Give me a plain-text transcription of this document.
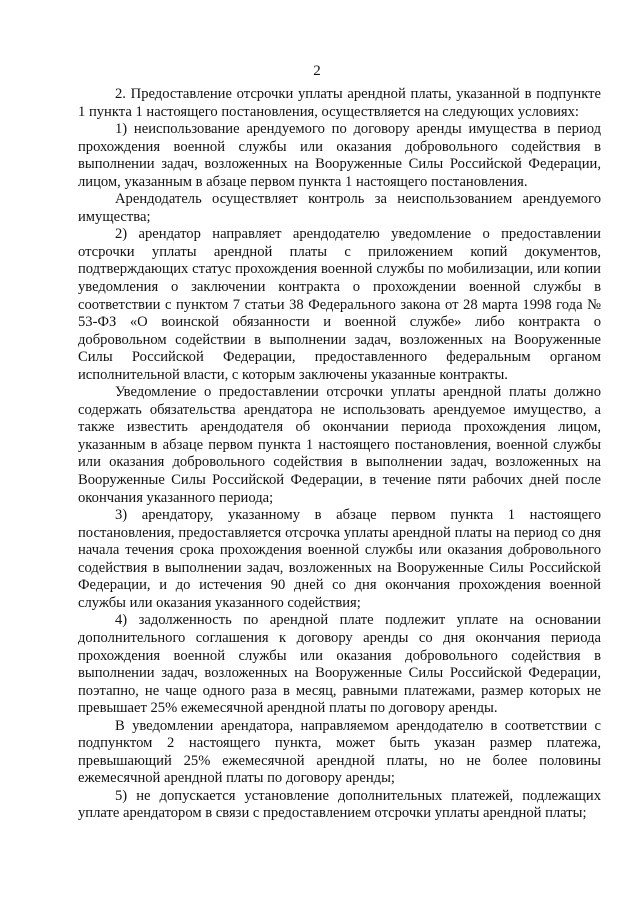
2

2. Предоставление отсрочки уплаты арендной платы, указанной в подпункте 1 пункта 1 настоящего постановления, осуществляется на следующих условиях:

1) неиспользование арендуемого по договору аренды имущества в период прохождения военной службы или оказания добровольного содействия в выполнении задач, возложенных на Вооруженные Силы Российской Федерации, лицом, указанным в абзаце первом пункта 1 настоящего постановления.

Арендодатель осуществляет контроль за неиспользованием арендуемого имущества;

2) арендатор направляет арендодателю уведомление о предоставлении отсрочки уплаты арендной платы с приложением копий документов, подтверждающих статус прохождения военной службы по мобилизации, или копии уведомления о заключении контракта о прохождении военной службы в соответствии с пунктом 7 статьи 38 Федерального закона от 28 марта 1998 года № 53-ФЗ «О воинской обязанности и военной службе» либо контракта о добровольном содействии в выполнении задач, возложенных на Вооруженные Силы Российской Федерации, предоставленного федеральным органом исполнительной власти, с которым заключены указанные контракты.

Уведомление о предоставлении отсрочки уплаты арендной платы должно содержать обязательства арендатора не использовать арендуемое имущество, а также известить арендодателя об окончании периода прохождения лицом, указанным в абзаце первом пункта 1 настоящего постановления, военной службы или оказания добровольного содействия в выполнении задач, возложенных на Вооруженные Силы Российской Федерации, в течение пяти рабочих дней после окончания указанного периода;

3) арендатору, указанному в абзаце первом пункта 1 настоящего постановления, предоставляется отсрочка уплаты арендной платы на период со дня начала течения срока прохождения военной службы или оказания добровольного содействия в выполнении задач, возложенных на Вооруженные Силы Российской Федерации, и до истечения 90 дней со дня окончания прохождения военной службы или оказания указанного содействия;

4) задолженность по арендной плате подлежит уплате на основании дополнительного соглашения к договору аренды со дня окончания периода прохождения военной службы или оказания добровольного содействия в выполнении задач, возложенных на Вооруженные Силы Российской Федерации, поэтапно, не чаще одного раза в месяц, равными платежами, размер которых не превышает 25% ежемесячной арендной платы по договору аренды.

В уведомлении арендатора, направляемом арендодателю в соответствии с подпунктом 2 настоящего пункта, может быть указан размер платежа, превышающий 25% ежемесячной арендной платы, но не более половины ежемесячной арендной платы по договору аренды;

5) не допускается установление дополнительных платежей, подлежащих уплате арендатором в связи с предоставлением отсрочки уплаты арендной платы;
